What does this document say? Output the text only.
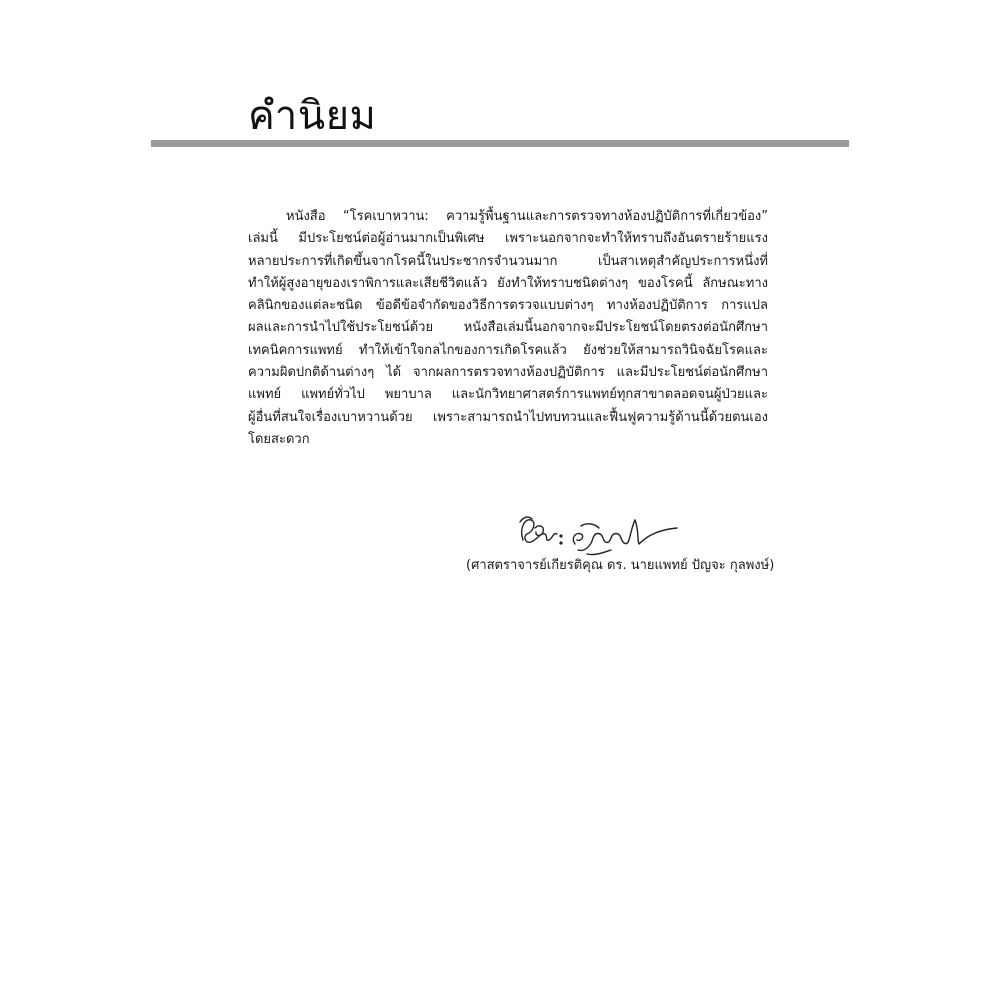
คำนิยม
หนังสือ “โรคเบาหวาน: ความรู้พื้นฐานและการตรวจทางห้องปฏิบัติการที่เกี่ยวข้อง”
เล่มนี้ มีประโยชน์ต่อผู้อ่านมากเป็นพิเศษ เพราะนอกจากจะทำให้ทราบถึงอันตรายร้ายแรง
หลายประการที่เกิดขึ้นจากโรคนี้ในประชากรจำนวนมาก เป็นสาเหตุสำคัญประการหนึ่งที่
ทำให้ผู้สูงอายุของเราพิการและเสียชีวิตแล้ว ยังทำให้ทราบชนิดต่างๆ ของโรคนี้ ลักษณะทาง
คลินิกของแต่ละชนิด ข้อดีข้อจำกัดของวิธีการตรวจแบบต่างๆ ทางห้องปฏิบัติการ การแปล
ผลและการนำไปใช้ประโยชน์ด้วย หนังสือเล่มนี้นอกจากจะมีประโยชน์โดยตรงต่อนักศึกษา
เทคนิคการแพทย์ ทำให้เข้าใจกลไกของการเกิดโรคแล้ว ยังช่วยให้สามารถวินิจฉัยโรคและ
ความผิดปกติด้านต่างๆ ได้ จากผลการตรวจทางห้องปฏิบัติการ และมีประโยชน์ต่อนักศึกษา
แพทย์ แพทย์ทั่วไป พยาบาล และนักวิทยาศาสตร์การแพทย์ทุกสาขาตลอดจนผู้ป่วยและ
ผู้อื่นที่สนใจเรื่องเบาหวานด้วย เพราะสามารถนำไปทบทวนและฟื้นฟูความรู้ด้านนี้ด้วยตนเอง
โดยสะดวก

(ศาสตราจารย์เกียรติคุณ ดร. นายแพทย์ ปัญจะ กุลพงษ์)
